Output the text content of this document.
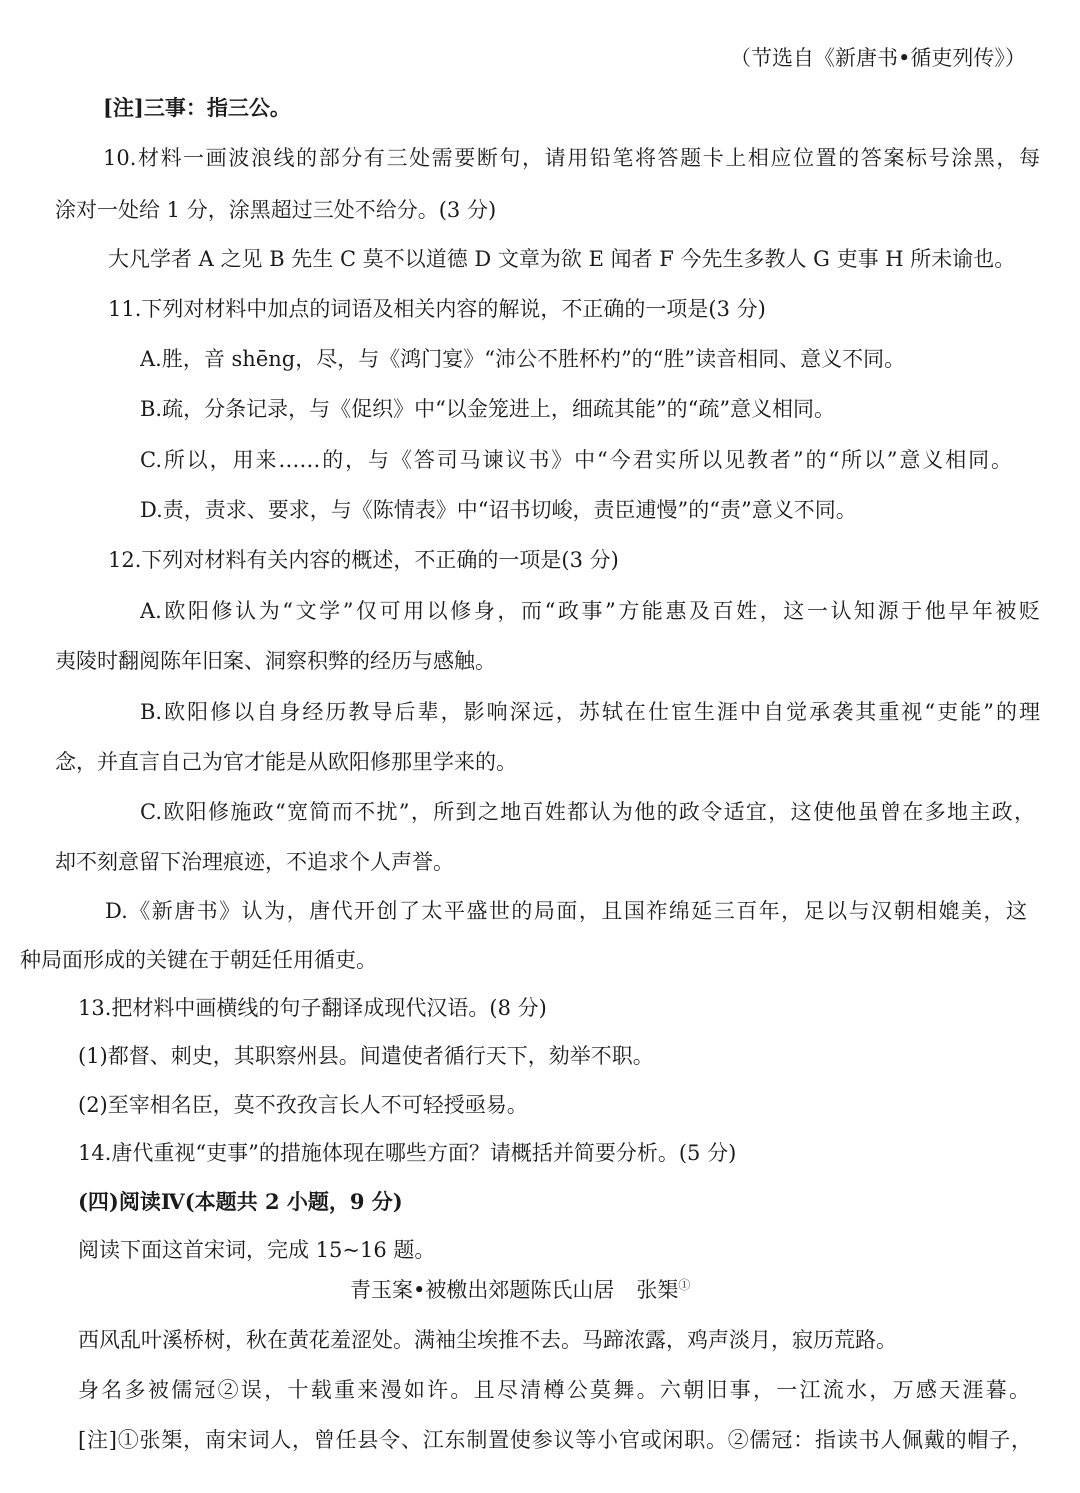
（节选自《新唐书•循吏列传》）
[注]三事：指三公。
10.材料一画波浪线的部分有三处需要断句，请用铅笔将答题卡上相应位置的答案标号涂黑，每
涂对一处给 1 分，涂黑超过三处不给分。(3 分)
大凡学者 A 之见 B 先生 C 莫不以道德 D 文章为欲 E 闻者 F 今先生多教人 G 吏事 H 所未谕也。
11.下列对材料中加点的词语及相关内容的解说，不正确的一项是(3 分)
A.胜，音 shēng，尽，与《鸿门宴》“沛公不胜杯杓”的“胜”读音相同、意义不同。
B.疏，分条记录，与《促织》中“以金笼进上，细疏其能”的“疏”意义相同。
C.所以，用来……的，与《答司马谏议书》中“今君实所以见教者”的“所以”意义相同。
D.责，责求、要求，与《陈情表》中“诏书切峻，责臣逋慢”的“责”意义不同。
12.下列对材料有关内容的概述，不正确的一项是(3 分)
A.欧阳修认为“文学”仅可用以修身，而“政事”方能惠及百姓，这一认知源于他早年被贬
夷陵时翻阅陈年旧案、洞察积弊的经历与感触。
B.欧阳修以自身经历教导后辈，影响深远，苏轼在仕宦生涯中自觉承袭其重视“吏能”的理
念，并直言自己为官才能是从欧阳修那里学来的。
C.欧阳修施政“宽简而不扰”，所到之地百姓都认为他的政令适宜，这使他虽曾在多地主政，
却不刻意留下治理痕迹，不追求个人声誉。
D.《新唐书》认为，唐代开创了太平盛世的局面，且国祚绵延三百年，足以与汉朝相媲美，这
种局面形成的关键在于朝廷任用循吏。
13.把材料中画横线的句子翻译成现代汉语。(8 分)
(1)都督、刺史，其职察州县。间遣使者循行天下，劾举不职。
(2)至宰相名臣，莫不孜孜言长人不可轻授亟易。
14.唐代重视“吏事”的措施体现在哪些方面？请概括并简要分析。(5 分)
(四)阅读Ⅳ(本题共 2 小题，9 分)
阅读下面这首宋词，完成 15~16 题。
青玉案•被檄出郊题陈氏山居 张榘①
西风乱叶溪桥树，秋在黄花羞涩处。满袖尘埃推不去。马蹄浓露，鸡声淡月，寂历荒路。
身名多被儒冠②误，十载重来漫如许。且尽清樽公莫舞。六朝旧事，一江流水，万感天涯暮。
[注]①张榘，南宋词人，曾任县令、江东制置使参议等小官或闲职。②儒冠：指读书人佩戴的帽子，
